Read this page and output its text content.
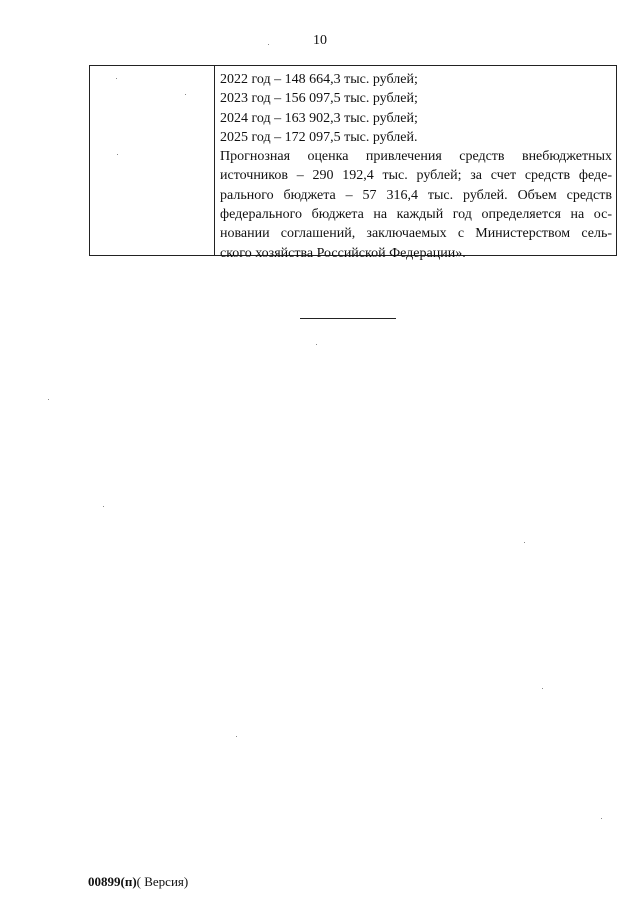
10
2022 год – 148 664,3 тыс. рублей;
2023 год – 156 097,5 тыс. рублей;
2024 год – 163 902,3 тыс. рублей;
2025 год – 172 097,5 тыс. рублей.
Прогнозная оценка привлечения средств внебюджетных
источников – 290 192,4 тыс. рублей; за счет средств феде-
рального бюджета – 57 316,4 тыс. рублей. Объем средств
федерального бюджета на каждый год определяется на ос-
новании соглашений, заключаемых с Министерством сель-
ского хозяйства Российской Федерации».
00899(п)( Версия)
